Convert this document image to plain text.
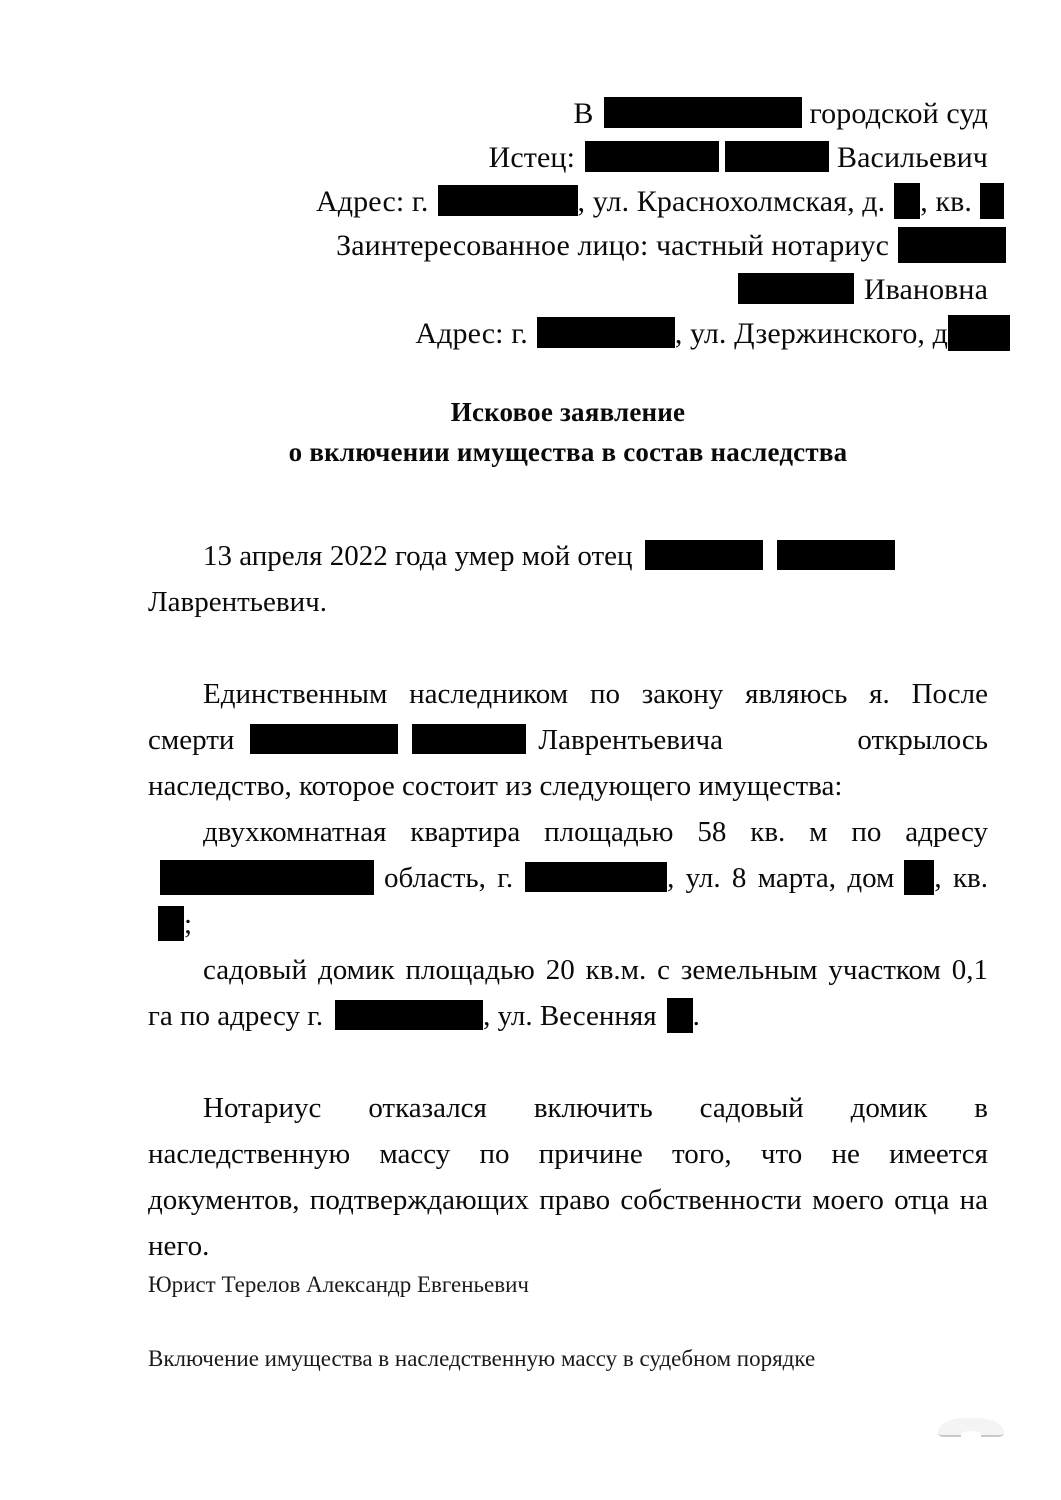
В	городской суд
Истец:	Васильевич
Адрес: г.	, ул. Краснохолмская, д. , кв.
Заинтересованное лицо: частный нотариус
Ивановна
Адрес: г.	, ул. Дзержинского, д
Исковое заявление
о включении имущества в состав наследства

13 апреля 2022 года умер мой отец
Лаврентьевич.

Единственным наследником по закону являюсь я. После смерти	Лаврентьевича открылось наследство, которое состоит из следующего имущества:

двухкомнатная квартира площадью 58 кв. м по адресуобласть, г.	, ул. 8 марта, дом , кв.;

садовый домик площадью 20 кв.м. с земельным участком 0,1 га по адресу г.	, ул. Весенняя .

Нотариус отказался включить садовый домик в наследственную массу по причине того, что не имеется документов, подтверждающих право собственности моего отца на него.

Юрист Терелов Александр Евгеньевич
Включение имущества в наследственную массу в судебном порядке
